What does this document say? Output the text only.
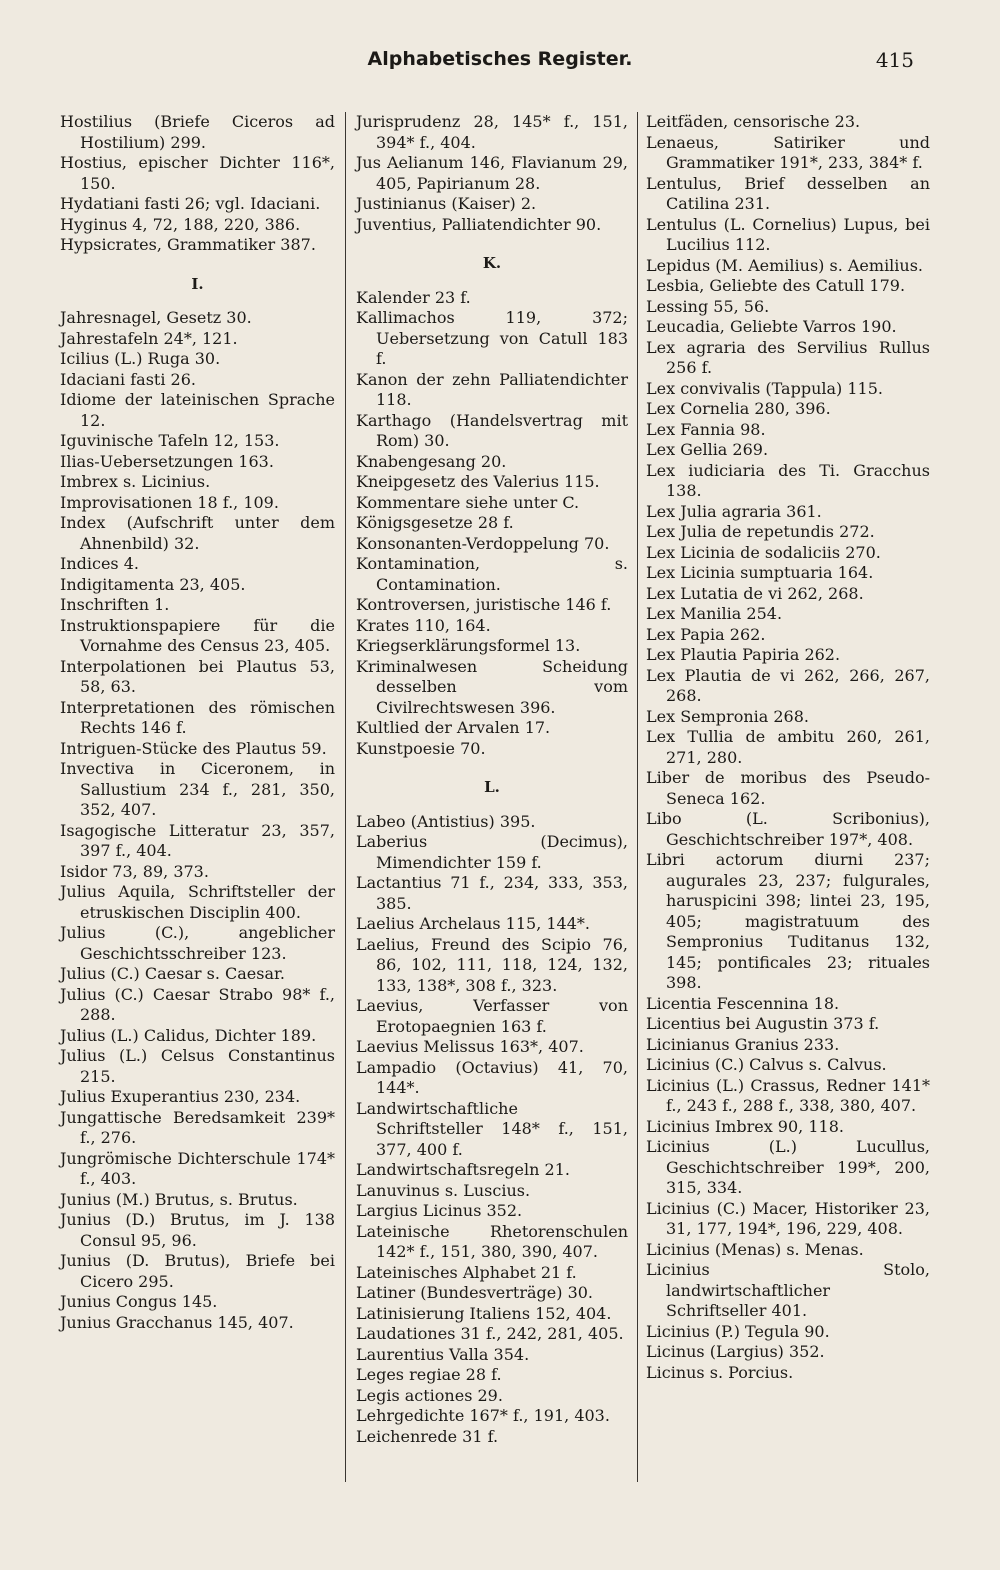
Alphabetisches Register.	415
Hostilius (Briefe Ciceros ad Hostilium) 299.
Hostius, epischer Dichter 116*, 150.
Hydatiani fasti 26; vgl. Idaciani.
Hyginus 4, 72, 188, 220, 386.
Hypsicrates, Grammatiker 387.
I.
Jahresnagel, Gesetz 30.
Jahrestafeln 24*, 121.
Icilius (L.) Ruga 30.
Idaciani fasti 26.
Idiome der lateinischen Sprache 12.
Iguvinische Tafeln 12, 153.
Ilias-Uebersetzungen 163.
Imbrex s. Licinius.
Improvisationen 18 f., 109.
Index (Aufschrift unter dem Ahnenbild) 32.
Indices 4.
Indigitamenta 23, 405.
Inschriften 1.
Instruktionspapiere für die Vornahme des Census 23, 405.
Interpolationen bei Plautus 53, 58, 63.
Interpretationen des römischen Rechts 146 f.
Intriguen-Stücke des Plautus 59.
Invectiva in Ciceronem, in Sallustium 234 f., 281, 350, 352, 407.
Isagogische Litteratur 23, 357, 397 f., 404.
Isidor 73, 89, 373.
Julius Aquila, Schriftsteller der etruskischen Disciplin 400.
Julius (C.), angeblicher Geschichtsschreiber 123.
Julius (C.) Caesar s. Caesar.
Julius (C.) Caesar Strabo 98* f., 288.
Julius (L.) Calidus, Dichter 189.
Julius (L.) Celsus Constantinus 215.
Julius Exuperantius 230, 234.
Jungattische Beredsamkeit 239* f., 276.
Jungrömische Dichterschule 174* f., 403.
Junius (M.) Brutus, s. Brutus.
Junius (D.) Brutus, im J. 138 Consul 95, 96.
Junius (D. Brutus), Briefe bei Cicero 295.
Junius Congus 145.
Junius Gracchanus 145, 407.
Jurisprudenz 28, 145* f., 151, 394* f., 404.
Jus Aelianum 146, Flavianum 29, 405, Papirianum 28.
Justinianus (Kaiser) 2.
Juventius, Palliatendichter 90.
K.
Kalender 23 f.
Kallimachos 119, 372; Uebersetzung von Catull 183 f.
Kanon der zehn Palliatendichter 118.
Karthago (Handelsvertrag mit Rom) 30.
Knabengesang 20.
Kneipgesetz des Valerius 115.
Kommentare siehe unter C.
Königsgesetze 28 f.
Konsonanten-Verdoppelung 70.
Kontamination, s. Contamination.
Kontroversen, juristische 146 f.
Krates 110, 164.
Kriegserklärungsformel 13.
Kriminalwesen Scheidung desselben vom Civilrechtswesen 396.
Kultlied der Arvalen 17.
Kunstpoesie 70.
L.
Labeo (Antistius) 395.
Laberius (Decimus), Mimendichter 159 f.
Lactantius 71 f., 234, 333, 353, 385.
Laelius Archelaus 115, 144*.
Laelius, Freund des Scipio 76, 86, 102, 111, 118, 124, 132, 133, 138*, 308 f., 323.
Laevius, Verfasser von Erotopaegnien 163 f.
Laevius Melissus 163*, 407.
Lampadio (Octavius) 41, 70, 144*.
Landwirtschaftliche Schriftsteller 148* f., 151, 377, 400 f.
Landwirtschaftsregeln 21.
Lanuvinus s. Luscius.
Largius Licinus 352.
Lateinische Rhetorenschulen 142* f., 151, 380, 390, 407.
Lateinisches Alphabet 21 f.
Latiner (Bundesverträge) 30.
Latinisierung Italiens 152, 404.
Laudationes 31 f., 242, 281, 405.
Laurentius Valla 354.
Leges regiae 28 f.
Legis actiones 29.
Lehrgedichte 167* f., 191, 403.
Leichenrede 31 f.
Leitfäden, censorische 23.
Lenaeus, Satiriker und Grammatiker 191*, 233, 384* f.
Lentulus, Brief desselben an Catilina 231.
Lentulus (L. Cornelius) Lupus, bei Lucilius 112.
Lepidus (M. Aemilius) s. Aemilius.
Lesbia, Geliebte des Catull 179.
Lessing 55, 56.
Leucadia, Geliebte Varros 190.
Lex agraria des Servilius Rullus 256 f.
Lex convivalis (Tappula) 115.
Lex Cornelia 280, 396.
Lex Fannia 98.
Lex Gellia 269.
Lex iudiciaria des Ti. Gracchus 138.
Lex Julia agraria 361.
Lex Julia de repetundis 272.
Lex Licinia de sodaliciis 270.
Lex Licinia sumptuaria 164.
Lex Lutatia de vi 262, 268.
Lex Manilia 254.
Lex Papia 262.
Lex Plautia Papiria 262.
Lex Plautia de vi 262, 266, 267, 268.
Lex Sempronia 268.
Lex Tullia de ambitu 260, 261, 271, 280.
Liber de moribus des Pseudo-Seneca 162.
Libo (L. Scribonius), Geschichtschreiber 197*, 408.
Libri actorum diurni 237; augurales 23, 237; fulgurales, haruspicini 398; lintei 23, 195, 405; magistratuum des Sempronius Tuditanus 132, 145; pontificales 23; rituales 398.
Licentia Fescennina 18.
Licentius bei Augustin 373 f.
Licinianus Granius 233.
Licinius (C.) Calvus s. Calvus.
Licinius (L.) Crassus, Redner 141* f., 243 f., 288 f., 338, 380, 407.
Licinius Imbrex 90, 118.
Licinius (L.) Lucullus, Geschichtschreiber 199*, 200, 315, 334.
Licinius (C.) Macer, Historiker 23, 31, 177, 194*, 196, 229, 408.
Licinius (Menas) s. Menas.
Licinius Stolo, landwirtschaftlicher Schriftseller 401.
Licinius (P.) Tegula 90.
Licinus (Largius) 352.
Licinus s. Porcius.
